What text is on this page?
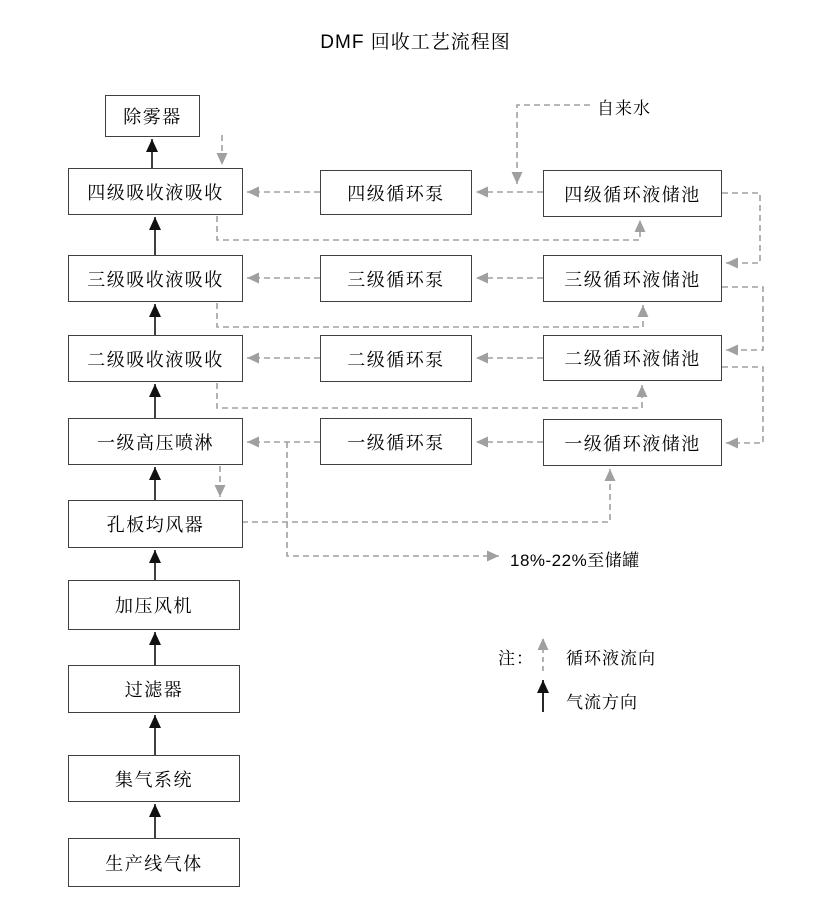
DMF 回收工艺流程图
除雾器
四级吸收液吸收
三级吸收液吸收
二级吸收液吸收
一级高压喷淋
孔板均风器
加压风机
过滤器
集气系统
生产线气体
四级循环泵
三级循环泵
二级循环泵
一级循环泵
四级循环液储池
三级循环液储池
二级循环液储池
一级循环液储池
自来水
18%-22%至储罐
注： 循环液流向
气流方向
